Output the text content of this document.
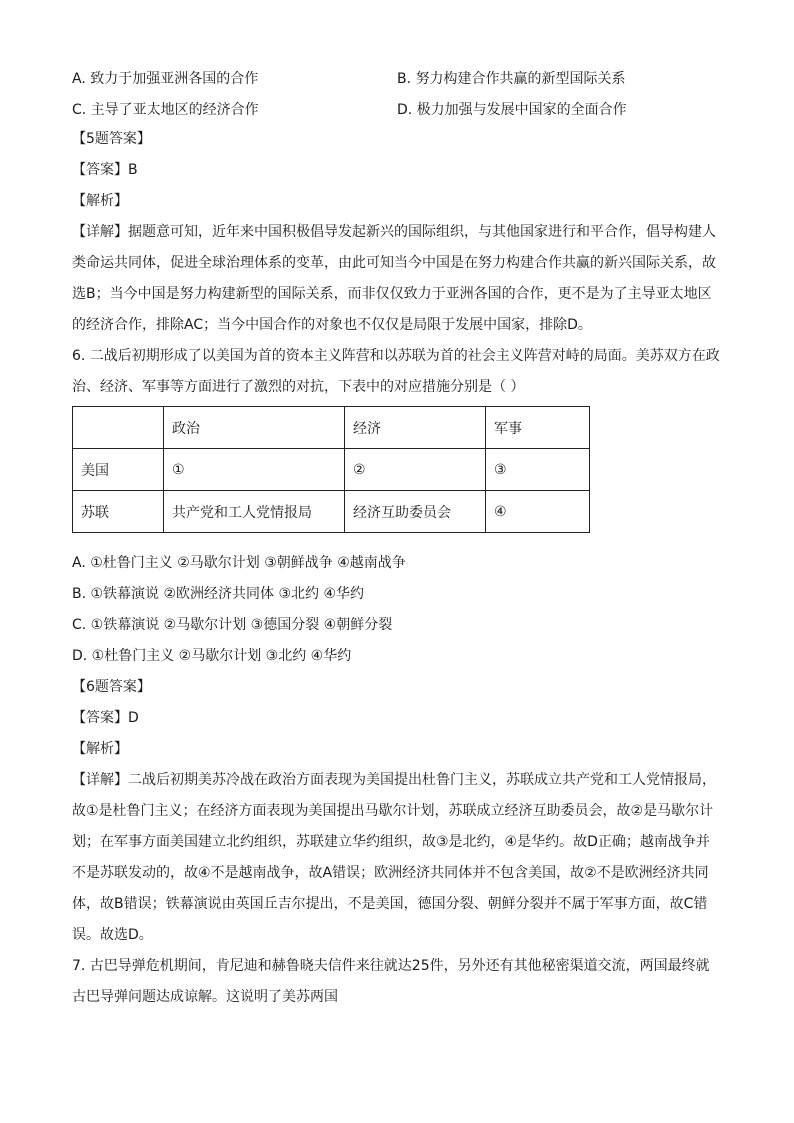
A. 致力于加强亚洲各国的合作	B. 努力构建合作共赢的新型国际关系
C. 主导了亚太地区的经济合作	D. 极力加强与发展中国家的全面合作
【5题答案】
【答案】B
【解析】
【详解】据题意可知，近年来中国积极倡导发起新兴的国际组织，与其他国家进行和平合作，倡导构建人
类命运共同体，促进全球治理体系的变革，由此可知当今中国是在努力构建合作共赢的新兴国际关系，故
选B；当今中国是努力构建新型的国际关系，而非仅仅致力于亚洲各国的合作，更不是为了主导亚太地区
的经济合作，排除AC；当今中国合作的对象也不仅仅是局限于发展中国家，排除D。
6. 二战后初期形成了以美国为首的资本主义阵营和以苏联为首的社会主义阵营对峙的局面。美苏双方在政
治、经济、军事等方面进行了激烈的对抗，下表中的对应措施分别是（ ）
	政治	经济	军事
美国	①	②	③
苏联	共产党和工人党情报局	经济互助委员会	④
A. ①杜鲁门主义 ②马歇尔计划 ③朝鲜战争 ④越南战争
B. ①铁幕演说 ②欧洲经济共同体 ③北约 ④华约
C. ①铁幕演说 ②马歇尔计划 ③德国分裂 ④朝鲜分裂
D. ①杜鲁门主义 ②马歇尔计划 ③北约 ④华约
【6题答案】
【答案】D
【解析】
【详解】二战后初期美苏冷战在政治方面表现为美国提出杜鲁门主义，苏联成立共产党和工人党情报局，
故①是杜鲁门主义；在经济方面表现为美国提出马歇尔计划，苏联成立经济互助委员会，故②是马歇尔计
划；在军事方面美国建立北约组织，苏联建立华约组织，故③是北约，④是华约。故D正确；越南战争并
不是苏联发动的，故④不是越南战争，故A错误；欧洲经济共同体并不包含美国，故②不是欧洲经济共同
体，故B错误；铁幕演说由英国丘吉尔提出，不是美国，德国分裂、朝鲜分裂并不属于军事方面，故C错
误。故选D。
7. 古巴导弹危机期间，肯尼迪和赫鲁晓夫信件来往就达25件，另外还有其他秘密渠道交流，两国最终就
古巴导弹问题达成谅解。这说明了美苏两国
